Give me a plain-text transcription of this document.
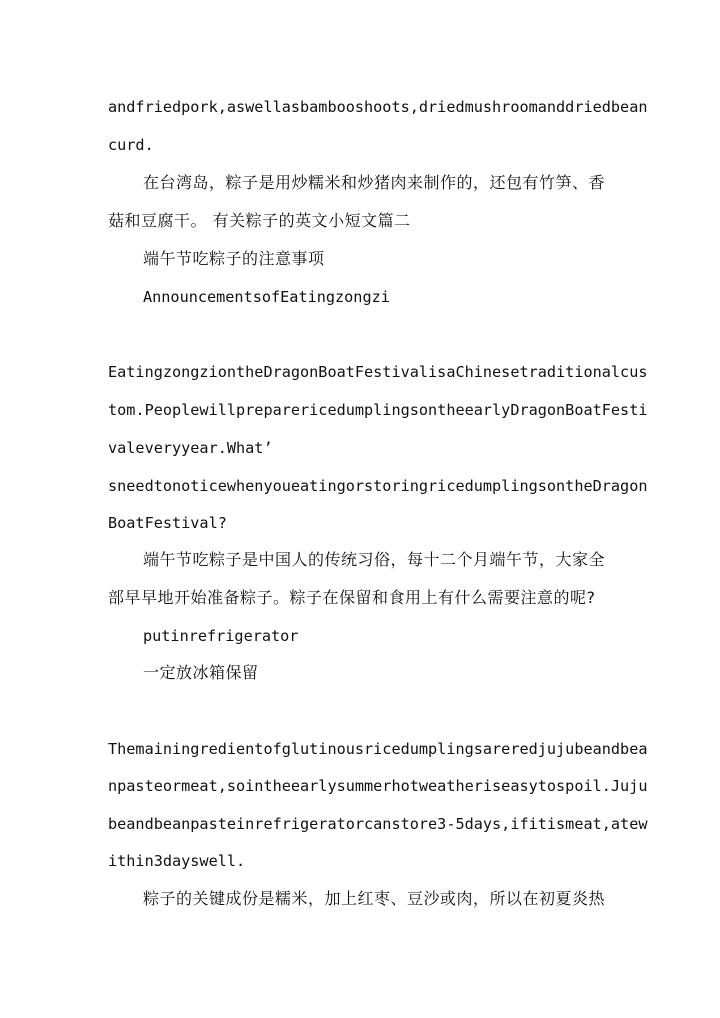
andfriedpork,aswellasbambooshoots,driedmushroomanddriedbean
curd.
在台湾岛，粽子是用炒糯米和炒猪肉来制作的，还包有竹笋、香
菇和豆腐干。 有关粽子的英文小短文篇二
端午节吃粽子的注意事项
AnnouncementsofEatingzongzi
EatingzongziontheDragonBoatFestivalisaChinesetraditionalcus
tom.PeoplewillpreparericedumplingsontheearlyDragonBoatFesti
valeveryyear.What’
sneedtonoticewhenyoueatingorstoringricedumplingsontheDragon
BoatFestival?
端午节吃粽子是中国人的传统习俗，每十二个月端午节，大家全
部早早地开始准备粽子。粽子在保留和食用上有什么需要注意的呢?
putinrefrigerator
一定放冰箱保留
Themainingredientofglutinousricedumplingsareredjujubeandbea
npasteormeat,sointheearlysummerhotweatheriseasytospoil.Juju
beandbeanpasteinrefrigeratorcanstore3-5days,ifitismeat,atew
ithin3dayswell.
粽子的关键成份是糯米，加上红枣、豆沙或肉，所以在初夏炎热
